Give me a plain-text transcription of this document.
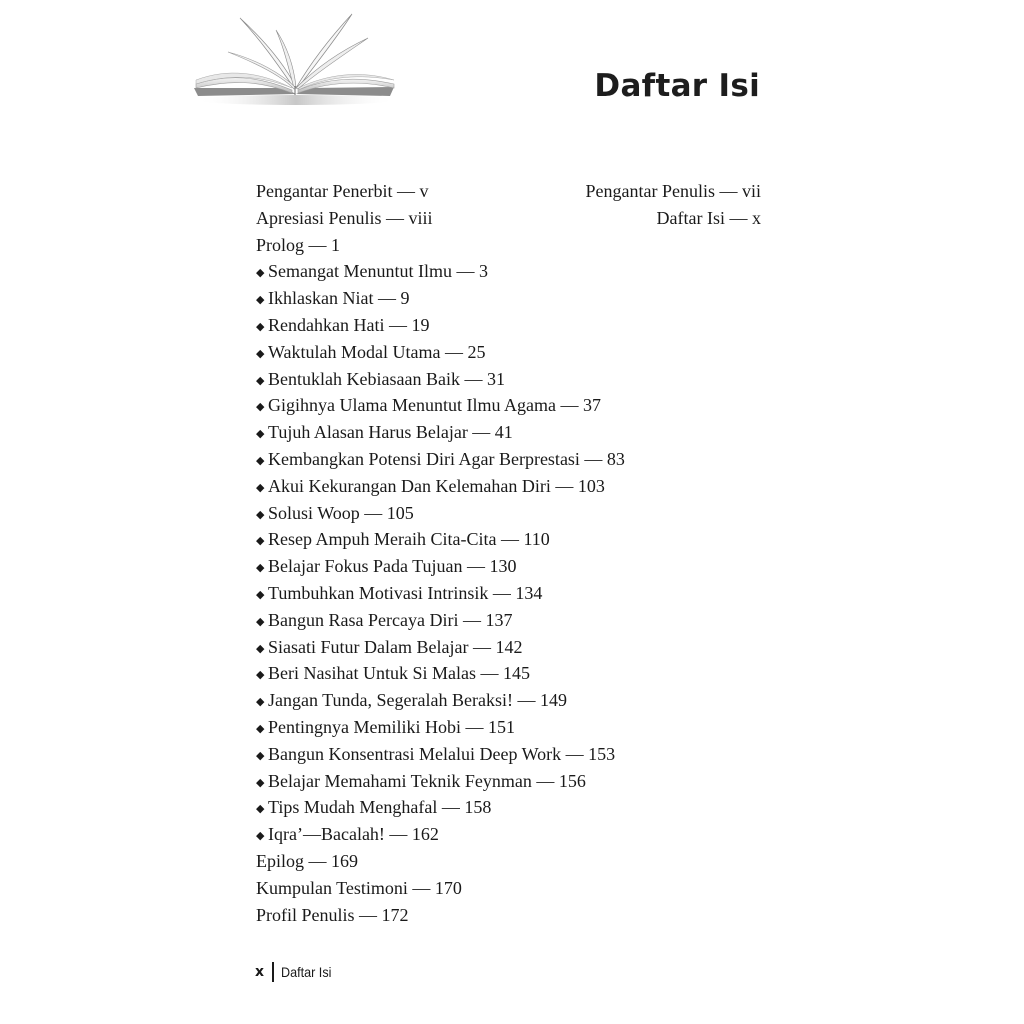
Daftar Isi
Pengantar Penerbit — v	Pengantar Penulis — vii
Apresiasi Penulis — viii	Daftar Isi — x
Prolog — 1
◆ Semangat Menuntut Ilmu — 3
◆ Ikhlaskan Niat — 9
◆ Rendahkan Hati — 19
◆ Waktulah Modal Utama — 25
◆ Bentuklah Kebiasaan Baik — 31
◆ Gigihnya Ulama Menuntut Ilmu Agama — 37
◆ Tujuh Alasan Harus Belajar — 41
◆ Kembangkan Potensi Diri Agar Berprestasi — 83
◆ Akui Kekurangan Dan Kelemahan Diri — 103
◆ Solusi Woop — 105
◆ Resep Ampuh Meraih Cita-Cita — 110
◆ Belajar Fokus Pada Tujuan — 130
◆ Tumbuhkan Motivasi Intrinsik — 134
◆ Bangun Rasa Percaya Diri — 137
◆ Siasati Futur Dalam Belajar — 142
◆ Beri Nasihat Untuk Si Malas — 145
◆ Jangan Tunda, Segeralah Beraksi! — 149
◆ Pentingnya Memiliki Hobi — 151
◆ Bangun Konsentrasi Melalui Deep Work — 153
◆ Belajar Memahami Teknik Feynman — 156
◆ Tips Mudah Menghafal — 158
◆ Iqra’—Bacalah! — 162
Epilog — 169
Kumpulan Testimoni — 170
Profil Penulis — 172
x Daftar Isi
